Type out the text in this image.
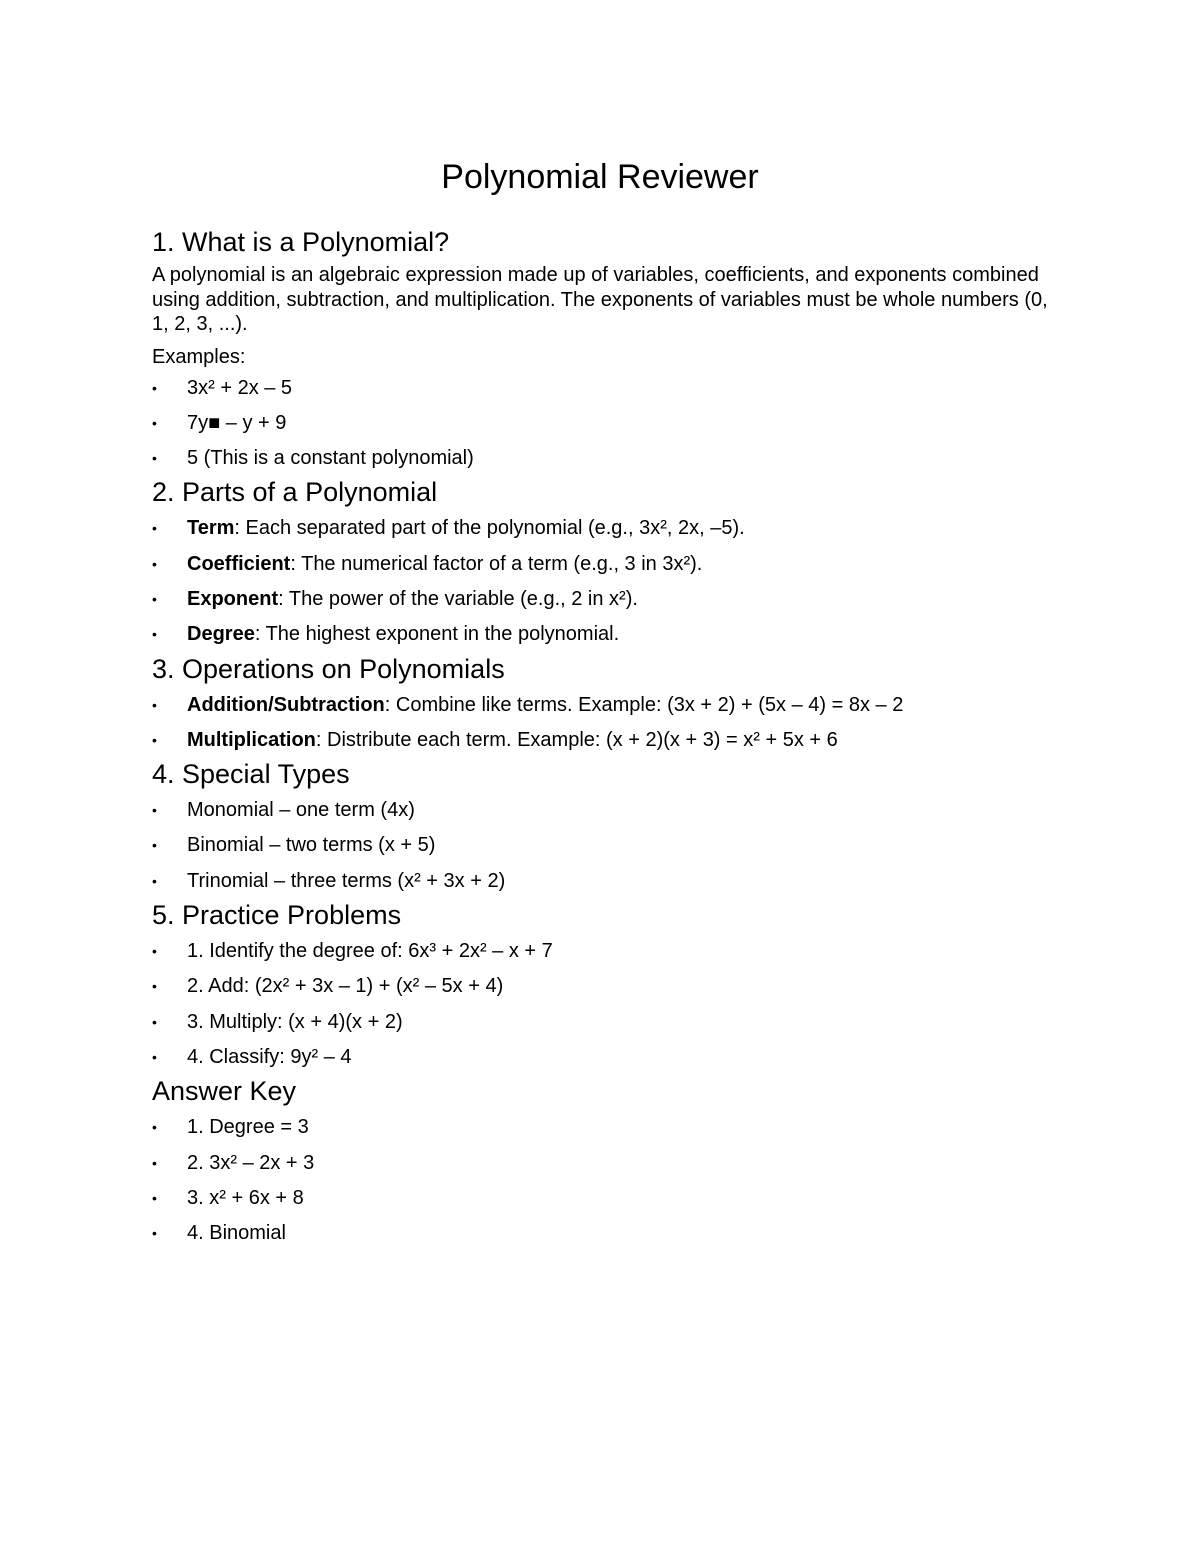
Polynomial Reviewer
1. What is a Polynomial?

A polynomial is an algebraic expression made up of variables, coefficients, and exponents combined using addition, subtraction, and multiplication. The exponents of variables must be whole numbers (0, 1, 2, 3, ...).

Examples:

• 3x² + 2x – 5
• 7y■ – y + 9
• 5 (This is a constant polynomial)
2. Parts of a Polynomial
• Term: Each separated part of the polynomial (e.g., 3x², 2x, –5).
• Coefficient: The numerical factor of a term (e.g., 3 in 3x²).
• Exponent: The power of the variable (e.g., 2 in x²).
• Degree: The highest exponent in the polynomial.
3. Operations on Polynomials
• Addition/Subtraction: Combine like terms. Example: (3x + 2) + (5x – 4) = 8x – 2
• Multiplication: Distribute each term. Example: (x + 2)(x + 3) = x² + 5x + 6
4. Special Types
• Monomial – one term (4x)
• Binomial – two terms (x + 5)
• Trinomial – three terms (x² + 3x + 2)
5. Practice Problems
• 1. Identify the degree of: 6x³ + 2x² – x + 7
• 2. Add: (2x² + 3x – 1) + (x² – 5x + 4)
• 3. Multiply: (x + 4)(x + 2)
• 4. Classify: 9y² – 4
Answer Key
• 1. Degree = 3
• 2. 3x² – 2x + 3
• 3. x² + 6x + 8
• 4. Binomial
